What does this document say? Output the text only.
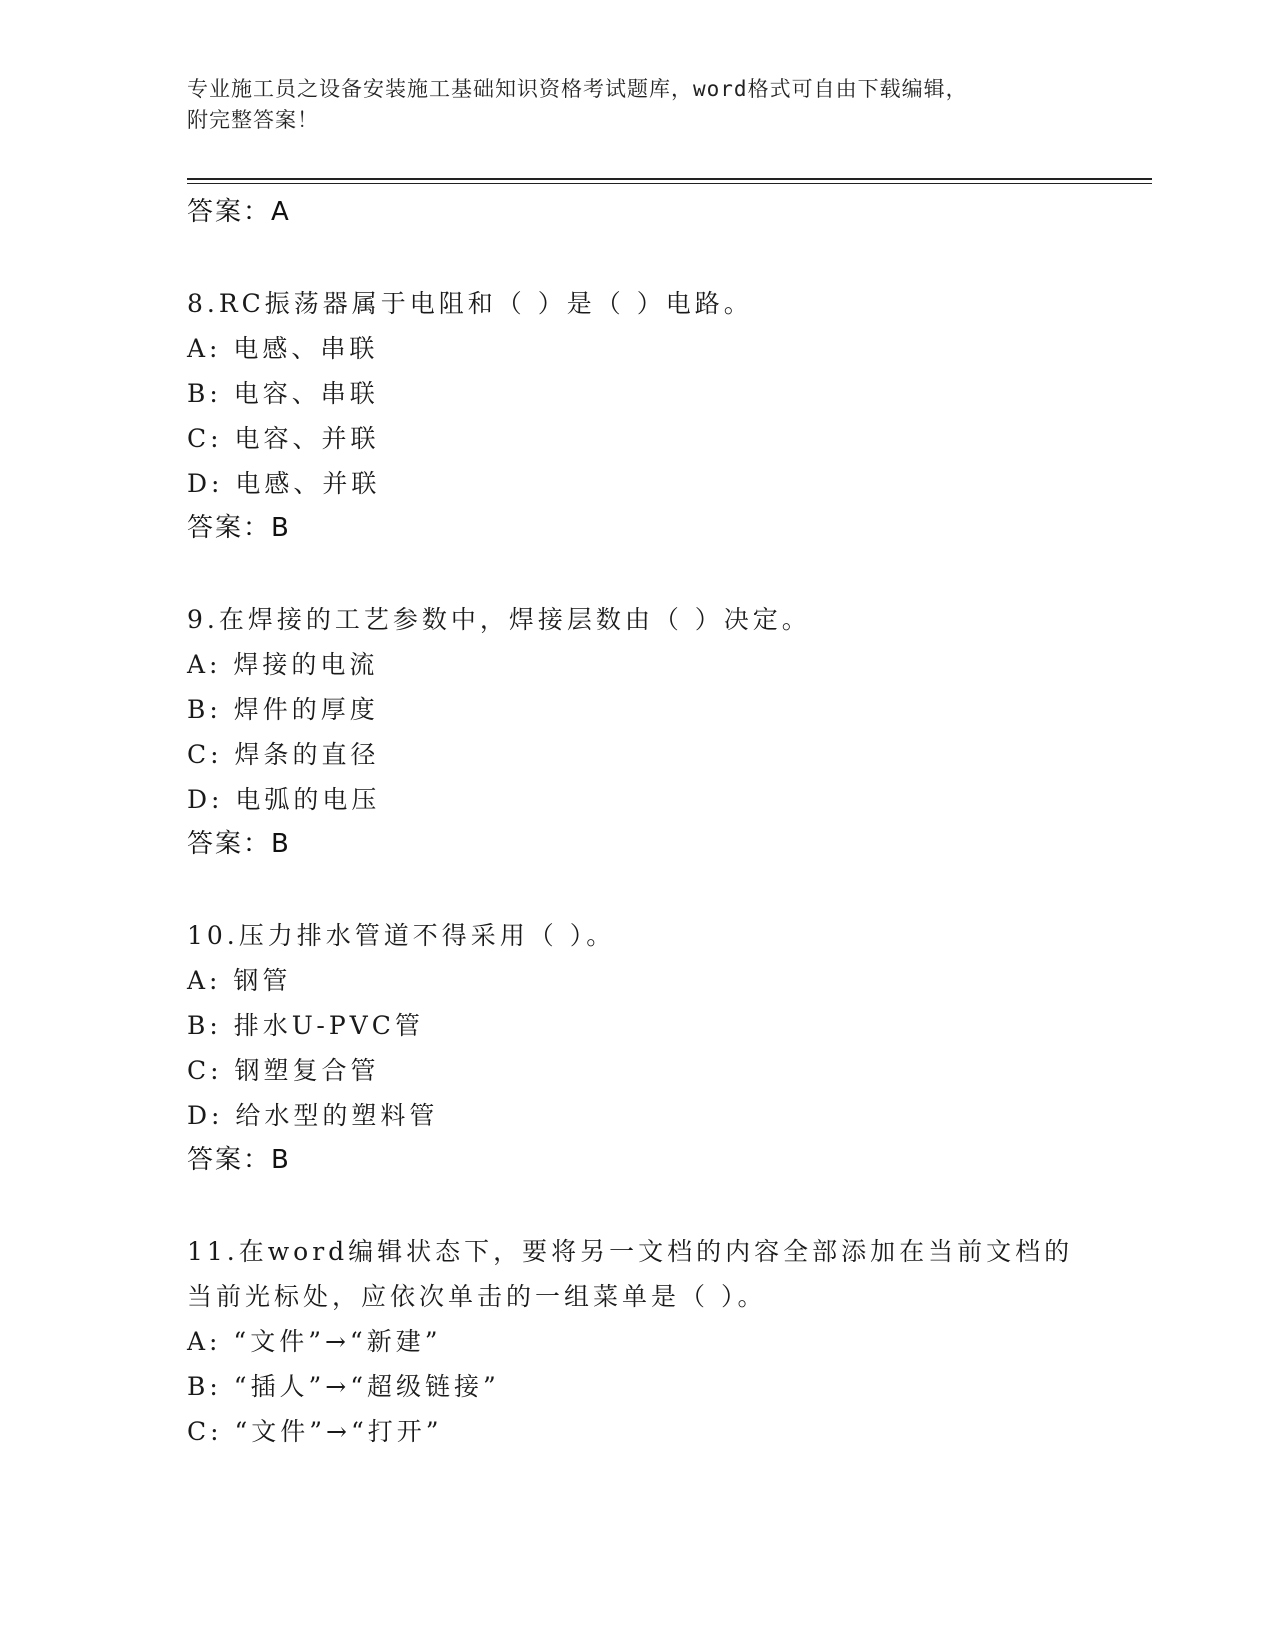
专业施工员之设备安装施工基础知识资格考试题库，word格式可自由下载编辑，
附完整答案！
答案：A
8.RC振荡器属于电阻和（ ）是（ ）电路。
A: 电感、串联
B: 电容、串联
C: 电容、并联
D: 电感、并联
答案：B
9.在焊接的工艺参数中，焊接层数由（ ）决定。
A: 焊接的电流
B: 焊件的厚度
C: 焊条的直径
D: 电弧的电压
答案：B
10.压力排水管道不得采用（ ）。
A: 钢管
B: 排水U-PVC管
C: 钢塑复合管
D: 给水型的塑料管
答案：B
11.在word编辑状态下，要将另一文档的内容全部添加在当前文档的
当前光标处，应依次单击的一组菜单是（ ）。
A: “文件”→“新建”
B: “插人”→“超级链接”
C: “文件”→“打开”
